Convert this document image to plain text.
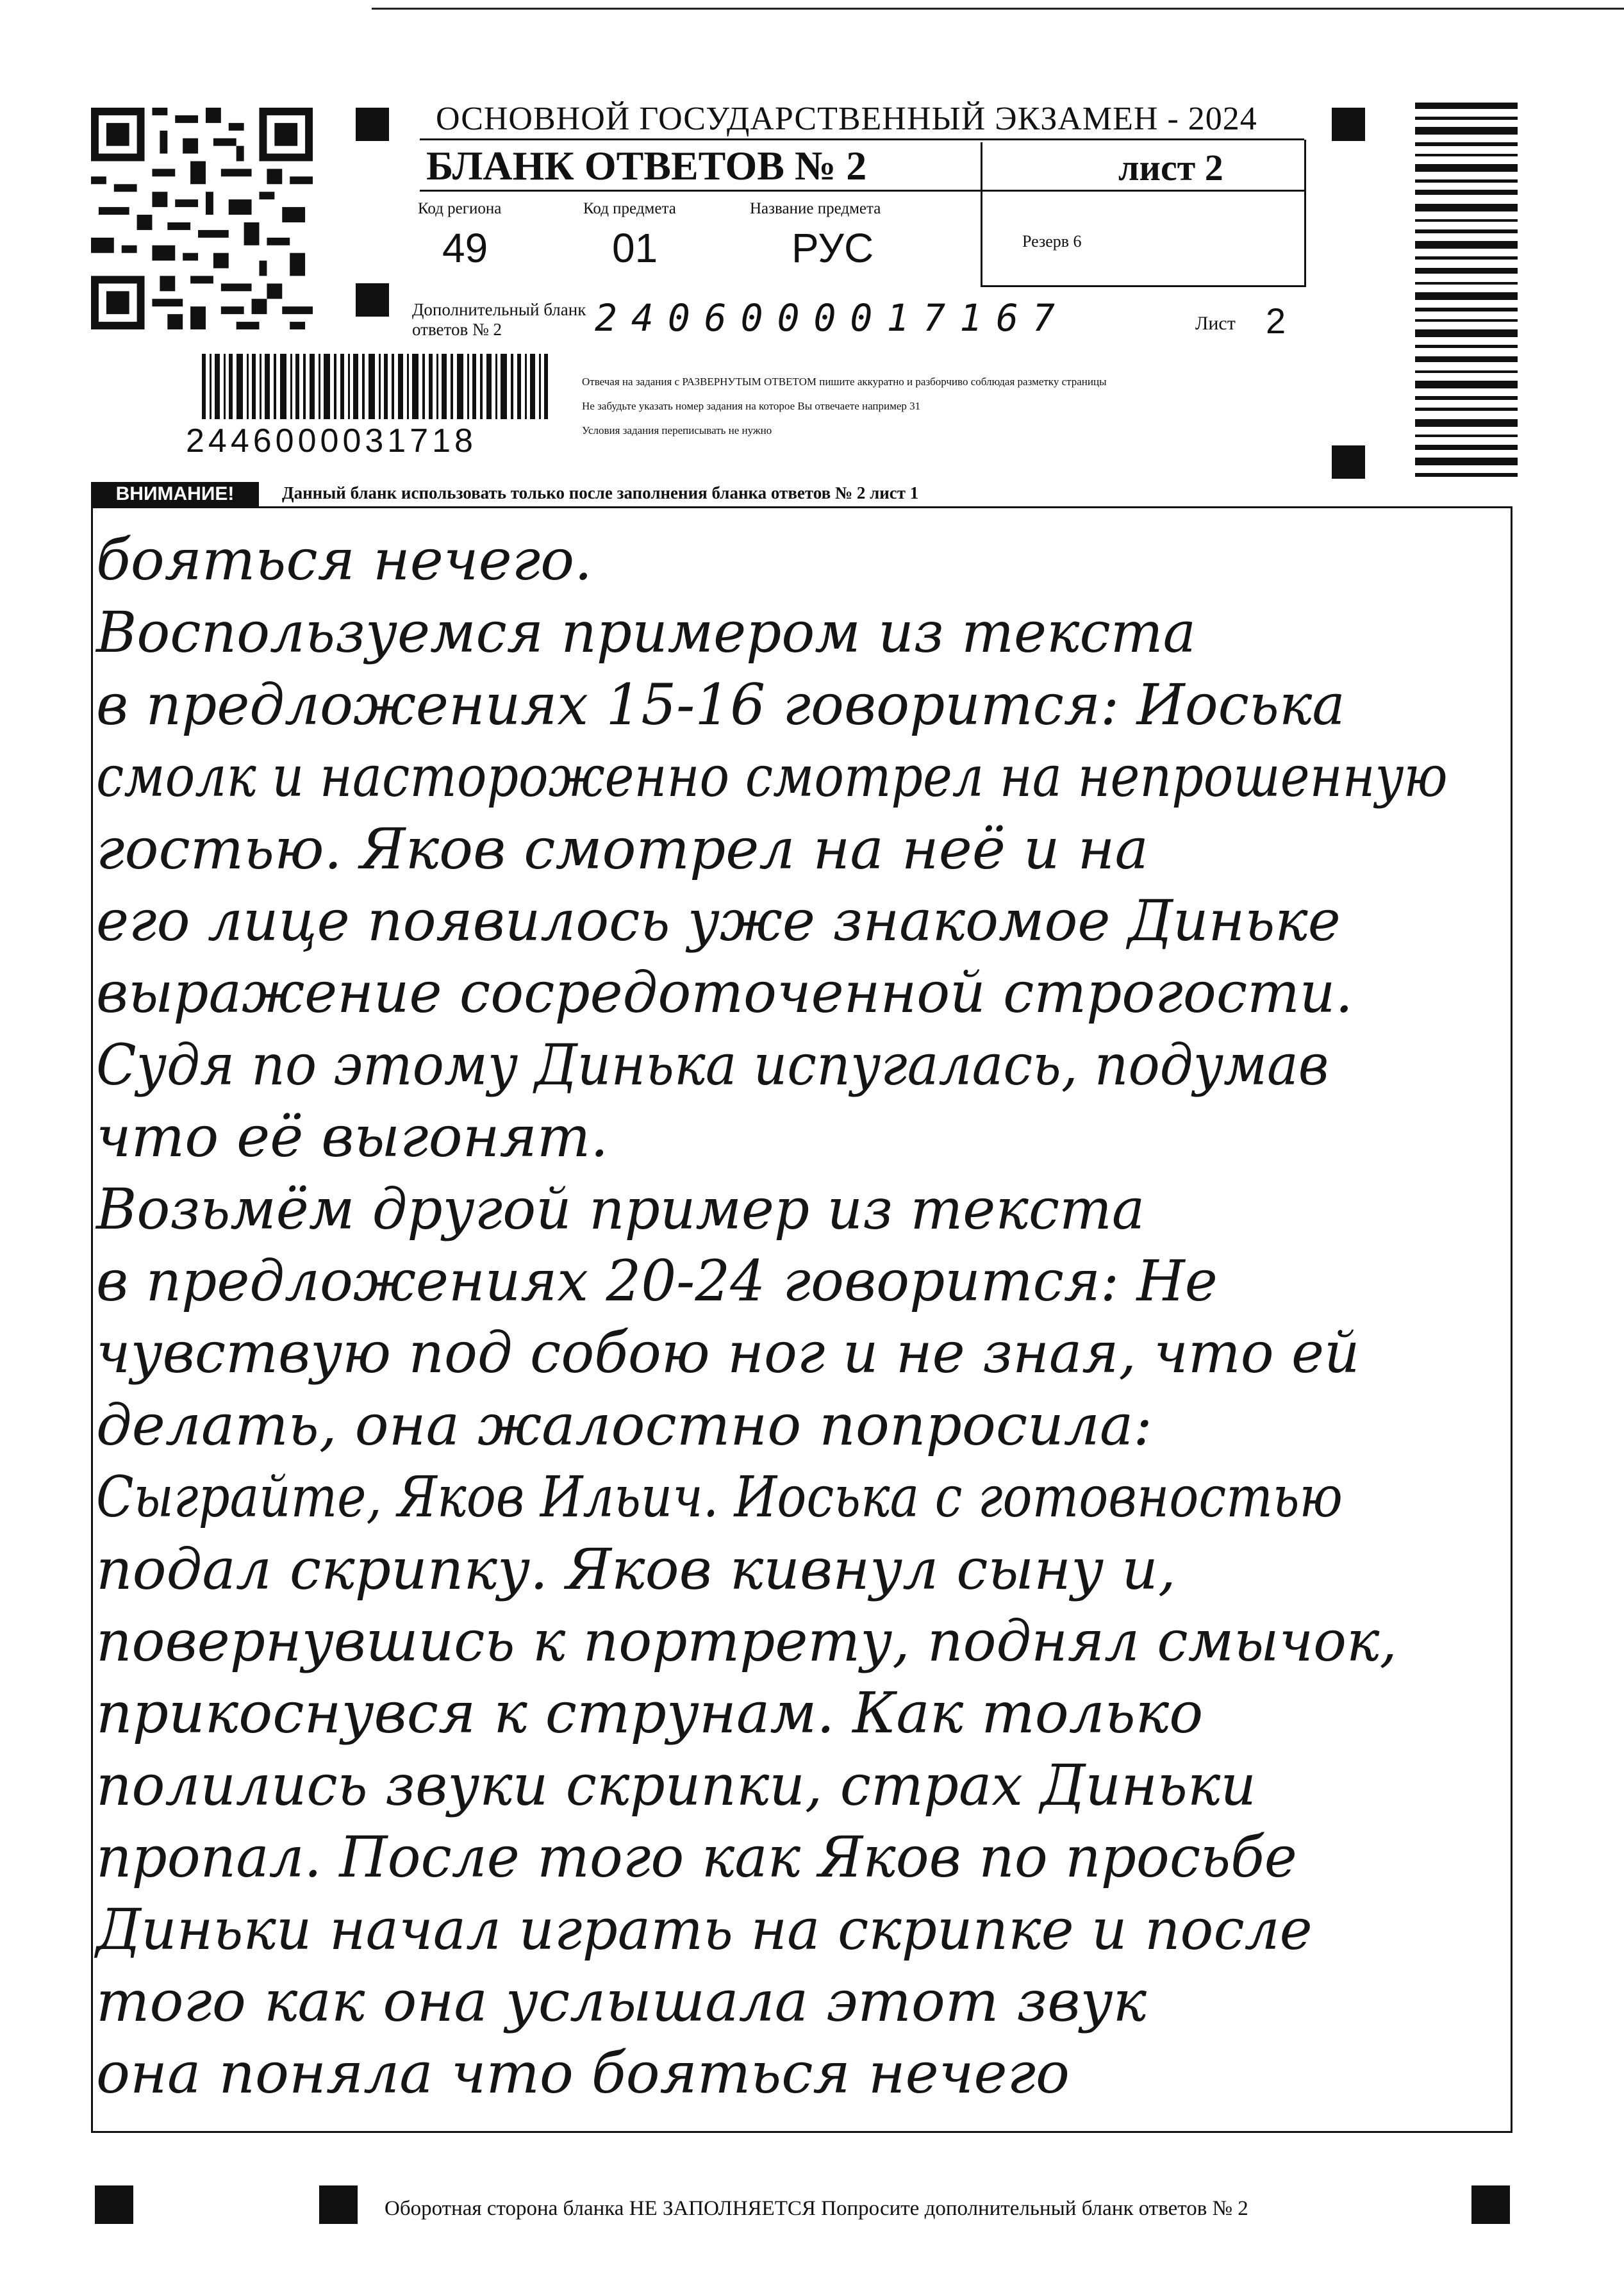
ОСНОВНОЙ ГОСУДАРСТВЕННЫЙ ЭКЗАМЕН - 2024
БЛАНК ОТВЕТОВ № 2	лист 2
Код региона
49
Код предмета
01
Название предмета
РУС	Резерв 6
Дополнительный бланк ответов № 2	2406000017167	Лист 2
2446000031718
Отвечая на задания с РАЗВЕРНУТЫМ ОТВЕТОМ пишите аккуратно и разборчиво соблюдая разметку страницы
Не забудьте указать номер задания на которое Вы отвечаете например 31
Условия задания переписывать не нужно
ВНИМАНИЕ!	Данный бланк использовать только после заполнения бланка ответов № 2 лист 1
бояться нечего.
Воспользуемся примером из текста
в предложениях 15-16 говорится: Иоська
смолк и настороженно смотрел на непрошенную
гостью. Яков смотрел на неё и на
его лице появилось уже знакомое Диньке
выражение сосредоточенной строгости.
Судя по этому Динька испугалась, подумав
что её выгонят.
Возьмём другой пример из текста
в предложениях 20-24 говорится: Не
чувствую под собою ног и не зная, что ей
делать, она жалостно попросила:
Сыграйте, Яков Ильич. Иоська с готовностью
подал скрипку. Яков кивнул сыну и,
повернувшись к портрету, поднял смычок,
прикоснувся к струнам. Как только
полились звуки скрипки, страх Диньки
пропал. После того как Яков по просьбе
Диньки начал играть на скрипке и после
того как она услышала этот звук
она поняла что бояться нечего
Оборотная сторона бланка НЕ ЗАПОЛНЯЕТСЯ Попросите дополнительный бланк ответов № 2
